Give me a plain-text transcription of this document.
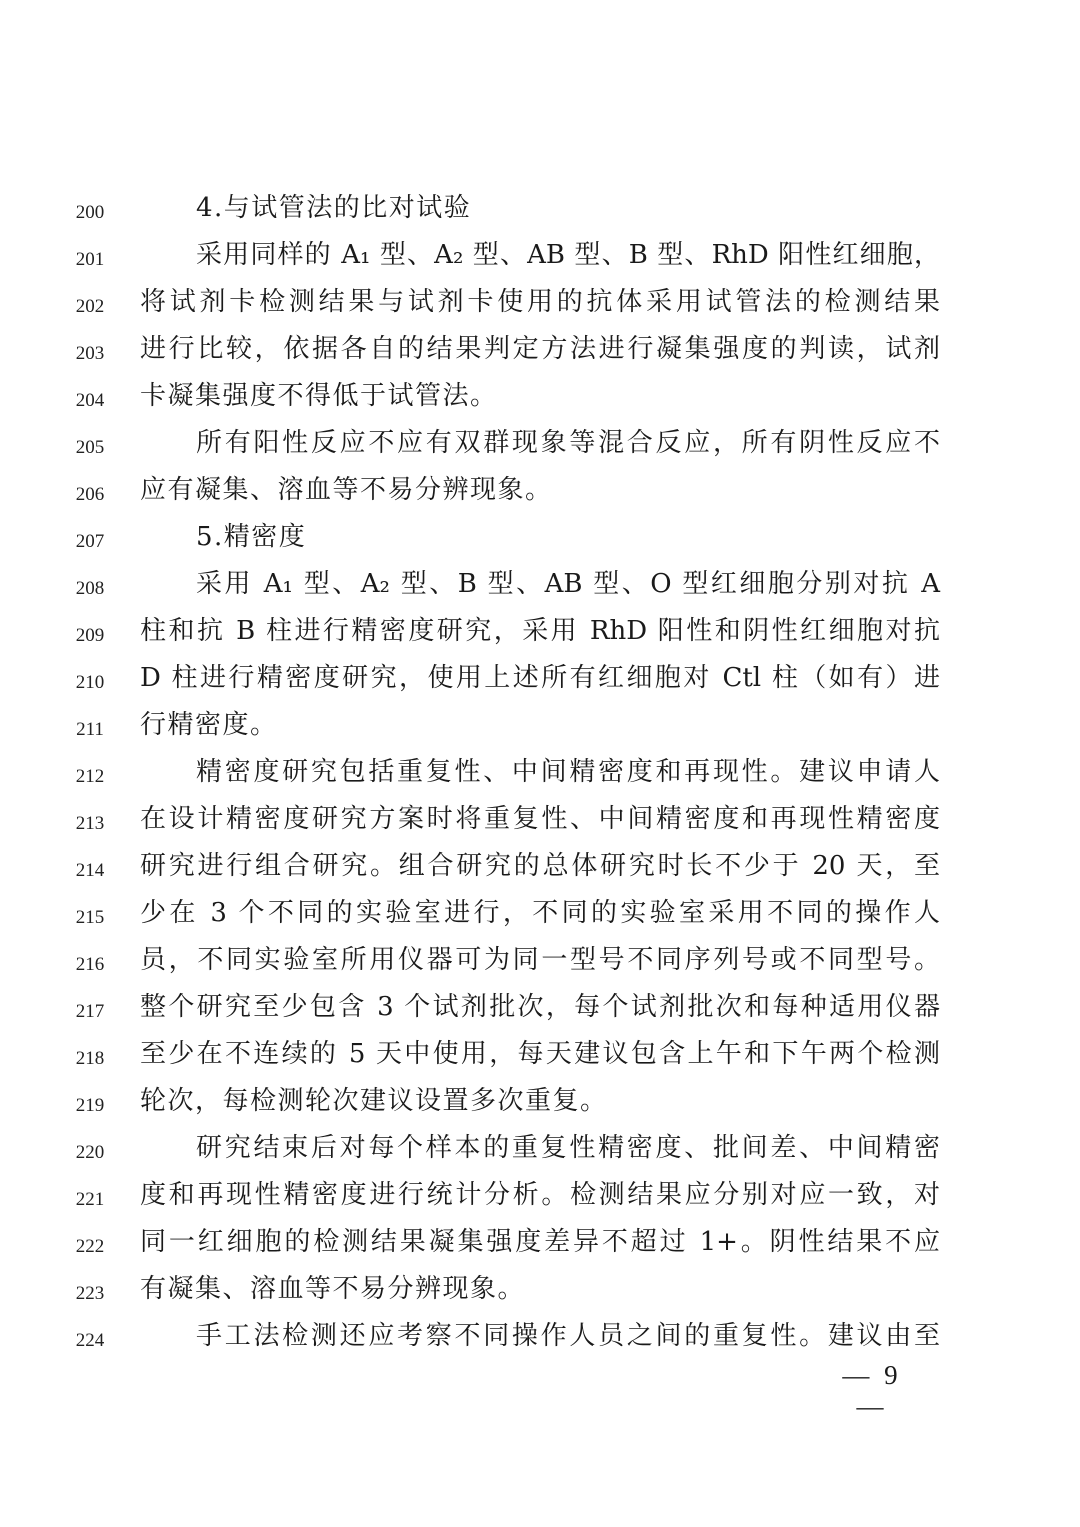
200	4.与试管法的比对试验
201	采用同样的 A₁ 型、A₂ 型、AB 型、B 型、RhD 阳性红细胞，
202	将试剂卡检测结果与试剂卡使用的抗体采用试管法的检测结果
203	进行比较，依据各自的结果判定方法进行凝集强度的判读，试剂
204	卡凝集强度不得低于试管法。
205	所有阳性反应不应有双群现象等混合反应，所有阴性反应不
206	应有凝集、溶血等不易分辨现象。
207	5.精密度
208	采用 A₁ 型、A₂ 型、B 型、AB 型、O 型红细胞分别对抗 A
209	柱和抗 B 柱进行精密度研究，采用 RhD 阳性和阴性红细胞对抗
210	D 柱进行精密度研究，使用上述所有红细胞对 Ctl 柱（如有）进
211	行精密度。
212	精密度研究包括重复性、中间精密度和再现性。建议申请人
213	在设计精密度研究方案时将重复性、中间精密度和再现性精密度
214	研究进行组合研究。组合研究的总体研究时长不少于 20 天，至
215	少在 3 个不同的实验室进行，不同的实验室采用不同的操作人
216	员，不同实验室所用仪器可为同一型号不同序列号或不同型号。
217	整个研究至少包含 3 个试剂批次，每个试剂批次和每种适用仪器
218	至少在不连续的 5 天中使用，每天建议包含上午和下午两个检测
219	轮次，每检测轮次建议设置多次重复。
220	研究结束后对每个样本的重复性精密度、批间差、中间精密
221	度和再现性精密度进行统计分析。检测结果应分别对应一致，对
222	同一红细胞的检测结果凝集强度差异不超过 1+。阴性结果不应
223	有凝集、溶血等不易分辨现象。
224	手工法检测还应考察不同操作人员之间的重复性。建议由至
— 9 —
